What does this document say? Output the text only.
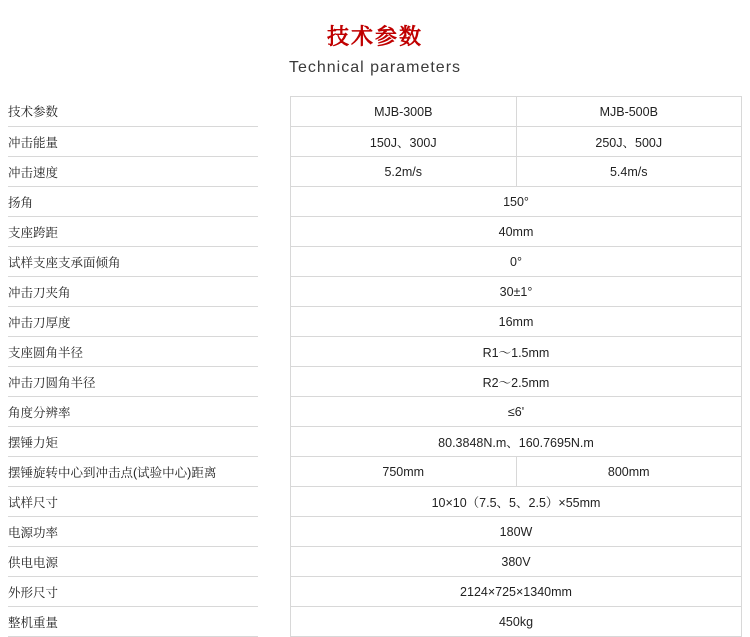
技术参数
Technical parameters
技术参数		MJB-300B	MJB-500B
冲击能量		150J、300J	250J、500J
冲击速度		5.2m/s	5.4m/s
扬角		150°	
支座跨距		40mm	
试样支座支承面倾角		0°	
冲击刀夹角		30±1°	
冲击刀厚度		16mm	
支座圆角半径		R1～1.5mm	
冲击刀圆角半径		R2～2.5mm	
角度分辨率		≤6'	
摆锤力矩		80.3848N.m、160.7695N.m	
摆锤旋转中心到冲击点(试验中心)距离		750mm	800mm
试样尺寸		10×10（7.5、5、2.5）×55mm	
电源功率		180W	
供电电源		380V	
外形尺寸		2124×725×1340mm	
整机重量		450kg	
